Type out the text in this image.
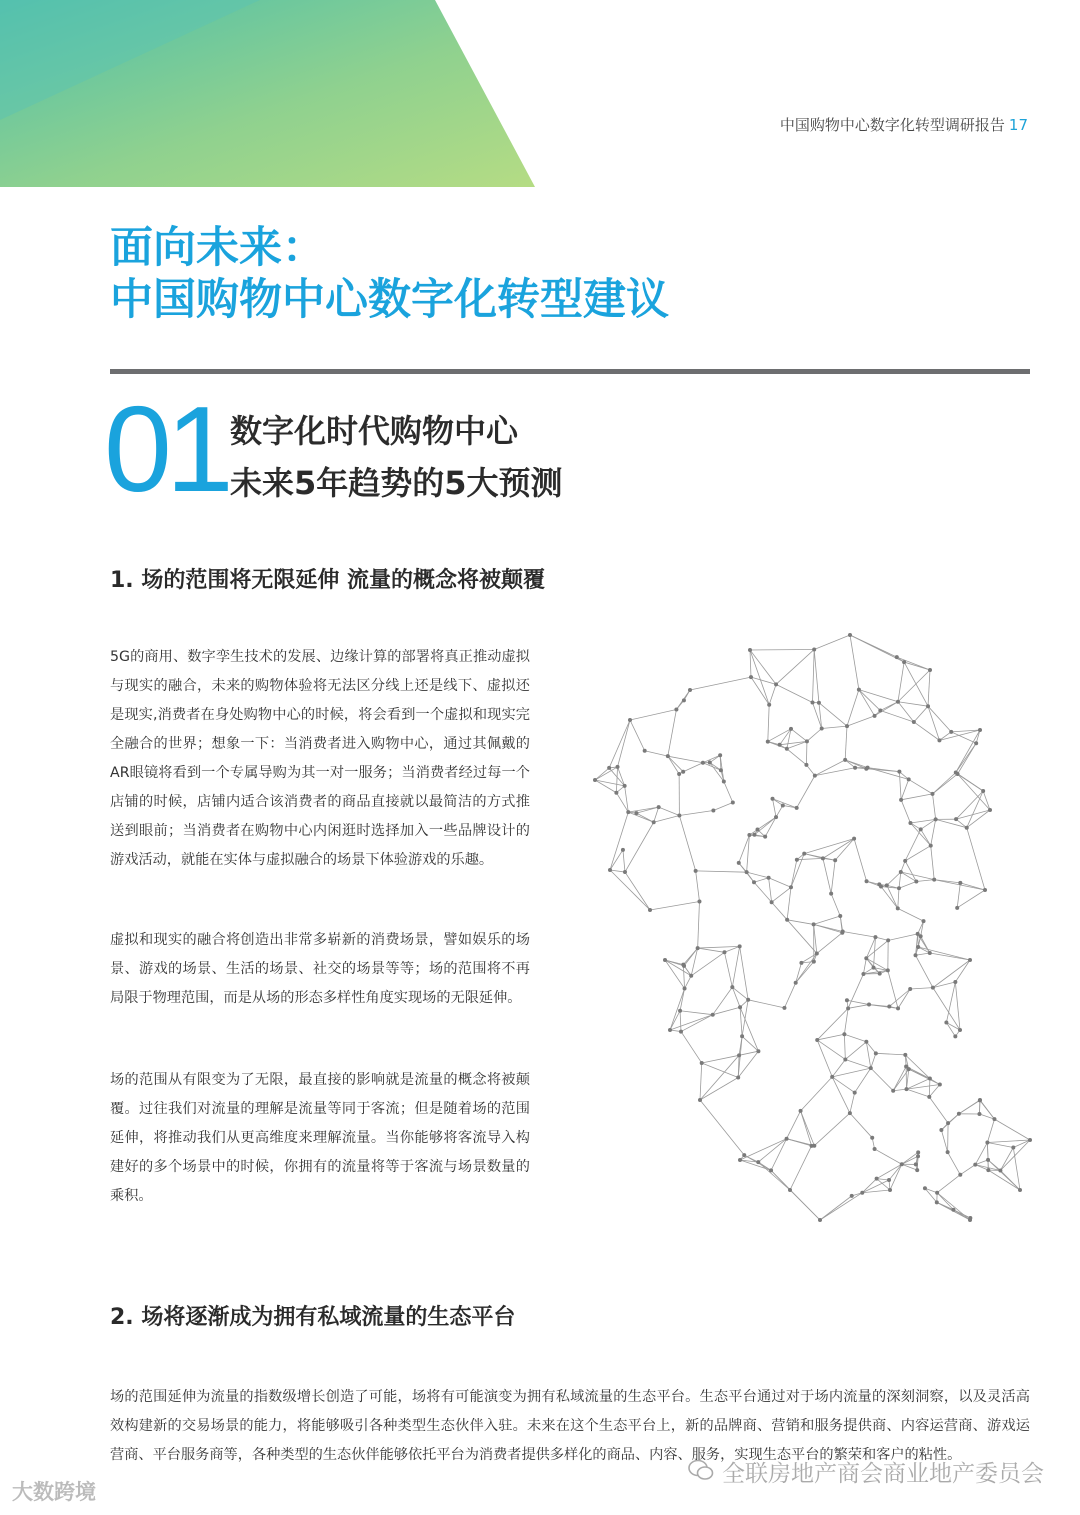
中国购物中心数字化转型调研报告 17
面向未来：
中国购物中心数字化转型建议
01 数字化时代购物中心
未来5年趋势的5大预测
1. 场的范围将无限延伸 流量的概念将被颠覆
5G的商用、数字孪生技术的发展、边缘计算的部署将真正推动虚拟与现实的融合，未来的购物体验将无法区分线上还是线下、虚拟还是现实,消费者在身处购物中心的时候，将会看到一个虚拟和现实完全融合的世界；想象一下：当消费者进入购物中心，通过其佩戴的AR眼镜将看到一个专属导购为其一对一服务；当消费者经过每一个店铺的时候，店铺内适合该消费者的商品直接就以最简洁的方式推送到眼前；当消费者在购物中心内闲逛时选择加入一些品牌设计的游戏活动，就能在实体与虚拟融合的场景下体验游戏的乐趣。
虚拟和现实的融合将创造出非常多崭新的消费场景，譬如娱乐的场景、游戏的场景、生活的场景、社交的场景等等；场的范围将不再局限于物理范围，而是从场的形态多样性角度实现场的无限延伸。
场的范围从有限变为了无限，最直接的影响就是流量的概念将被颠覆。过往我们对流量的理解是流量等同于客流；但是随着场的范围延伸，将推动我们从更高维度来理解流量。当你能够将客流导入构建好的多个场景中的时候，你拥有的流量将等于客流与场景数量的乘积。
2. 场将逐渐成为拥有私域流量的生态平台
场的范围延伸为流量的指数级增长创造了可能，场将有可能演变为拥有私域流量的生态平台。生态平台通过对于场内流量的深刻洞察，以及灵活高效构建新的交易场景的能力，将能够吸引各种类型生态伙伴入驻。未来在这个生态平台上，新的品牌商、营销和服务提供商、内容运营商、游戏运营商、平台服务商等，各种类型的生态伙伴能够依托平台为消费者提供多样化的商品、内容、服务，实现生态平台的繁荣和客户的粘性。
大数跨境
全联房地产商会商业地产委员会
